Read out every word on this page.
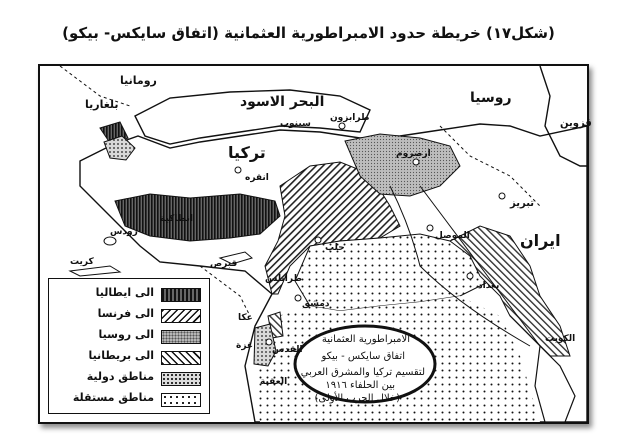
(شكل١٧) خريطة حدود الامبراطورية العثمانية (اتفاق سايكس- بيكو)
الامبراطورية العثمانية
اتفاق سايكس - بيكو
لتقسيم تركيا والمشرق العربي
بين الحلفاء ١٩١٦
(خلال الحرب الأولى)
رومانيا
بلغاريا	البحر الاسود	روسيا
طرابزون
سينوب
تركيا
انقره
ارضروم
تبريز
ايران
قزوين
انطاكية
رودس
كريت	قبرص
حلب
الموصل
بغداد
طرابلس
دمشق
عكا
القدس
غزة
العقبة
الكويت
الى ايطاليا
الى فرنسا
الى روسيا
الى بريطانيا
مناطق دولية
مناطق مستقلة
